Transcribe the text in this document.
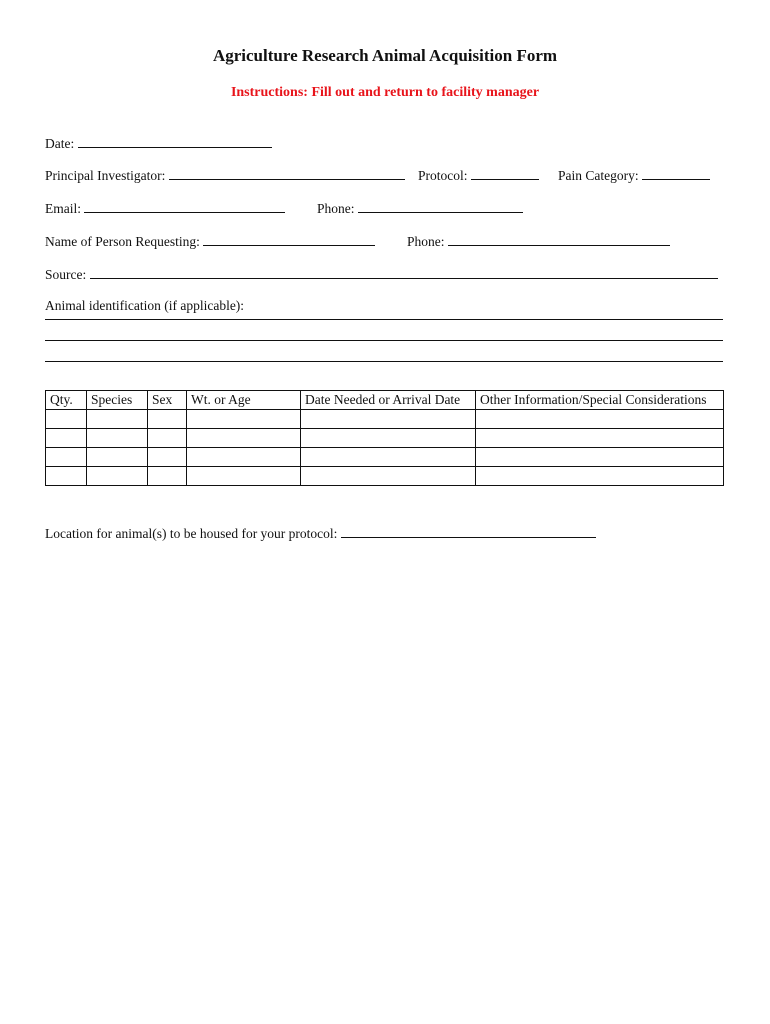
Agriculture Research Animal Acquisition Form
Instructions: Fill out and return to facility manager
Date:
Principal Investigator:	Protocol:	Pain Category:
Email:	Phone:
Name of Person Requesting:	Phone:
Source:
Animal identification (if applicable):
Qty.	Species	Sex	Wt. or Age	Date Needed or Arrival Date	Other Information/Special Considerations

Location for animal(s) to be housed for your protocol:
